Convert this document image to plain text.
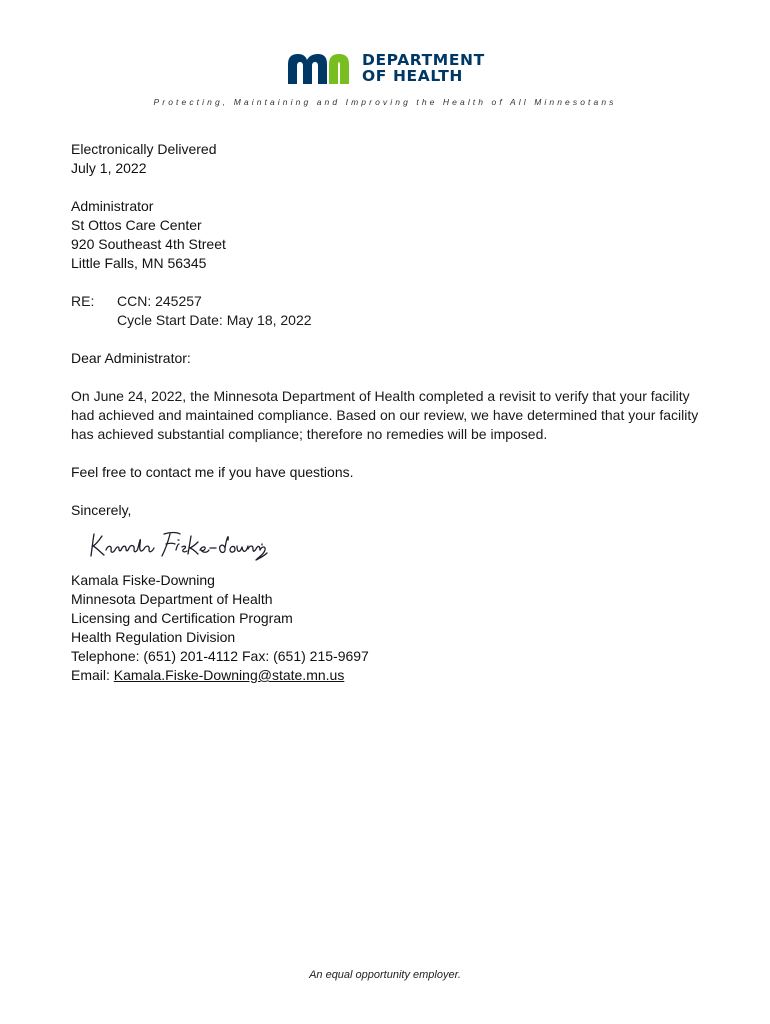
DEPARTMENT
OF HEALTH
Protecting, Maintaining and Improving the Health of All Minnesotans
Electronically Delivered
July 1, 2022
Administrator
St Ottos Care Center
920 Southeast 4th Street
Little Falls, MN 56345
RE: CCN: 245257
Cycle Start Date: May 18, 2022
Dear Administrator:
On June 24, 2022, the Minnesota Department of Health completed a revisit to verify that your facility
had achieved and maintained compliance. Based on our review, we have determined that your facility
has achieved substantial compliance; therefore no remedies will be imposed.
Feel free to contact me if you have questions.
Sincerely,
Kamala Fiske-Downing
Minnesota Department of Health
Licensing and Certification Program
Health Regulation Division
Telephone: (651) 201-4112 Fax: (651) 215-9697
Email: Kamala.Fiske-Downing@state.mn.us
An equal opportunity employer.
